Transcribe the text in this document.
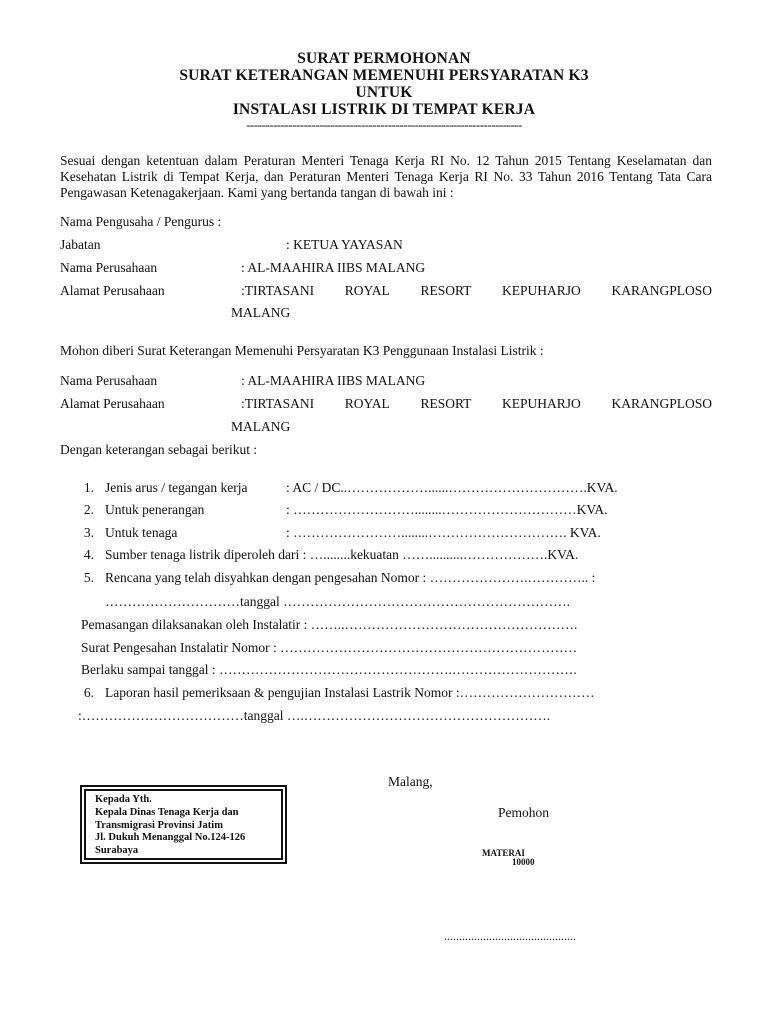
SURAT PERMOHONAN
SURAT KETERANGAN MEMENUHI PERSYARATAN K3
UNTUK
INSTALASI LISTRIK DI TEMPAT KERJA
------------------------------------------------------------------------
Sesuai dengan ketentuan dalam Peraturan Menteri Tenaga Kerja RI No. 12 Tahun 2015 Tentang Keselamatan dan Kesehatan Listrik di Tempat Kerja, dan Peraturan Menteri Tenaga Kerja RI No. 33 Tahun 2016 Tentang Tata Cara Pengawasan Ketenagakerjaan. Kami yang bertanda tangan di bawah ini :
Nama Pengusaha / Pengurus :
Jabatan	: KETUA YAYASAN
Nama Perusahaan	: AL-MAAHIRA IIBS MALANG
Alamat Perusahaan	:TIRTASANI ROYAL RESORT KEPUHARJO KARANGPLOSO
MALANG
Mohon diberi Surat Keterangan Memenuhi Persyaratan K3 Penggunaan Instalasi Listrik :
Nama Perusahaan	: AL-MAAHIRA IIBS MALANG
Alamat Perusahaan	:TIRTASANI ROYAL RESORT KEPUHARJO KARANGPLOSO
MALANG
Dengan keterangan sebagai berikut :
1. Jenis arus / tegangan kerja	: AC / DC..………………......………………………….KVA.
2. Untuk penerangan	: ………………………........…………………………KVA.
3. Untuk tenaga	: ……………………........…………………………. KVA.
4. Sumber tenaga listrik diperoleh dari : …........kekuatan ……..........……………….KVA.
5. Rencana yang telah disyahkan dengan pengesahan Nomor : ………………….………….. :
…………………………tanggal ……………………………………………………….
Pemasangan dilaksanakan oleh Instalatir : ……..…………………………………………….
Surat Pengesahan Instalatir Nomor : …………………………………………………………
Berlaku sampai tanggal : …………………………………………….……………………….
6. Laporan hasil pemeriksaan & pengujian Instalasi Lastrik Nomor :…………………………
:………………………………tanggal ….……………………………………………….
Malang,
Pemohon
MATERAI
10000
............................................
Kepada Yth.
Kepala Dinas Tenaga Kerja dan
Transmigrasi Provinsi Jatim
Jl. Dukuh Menanggal No.124-126
Surabaya
